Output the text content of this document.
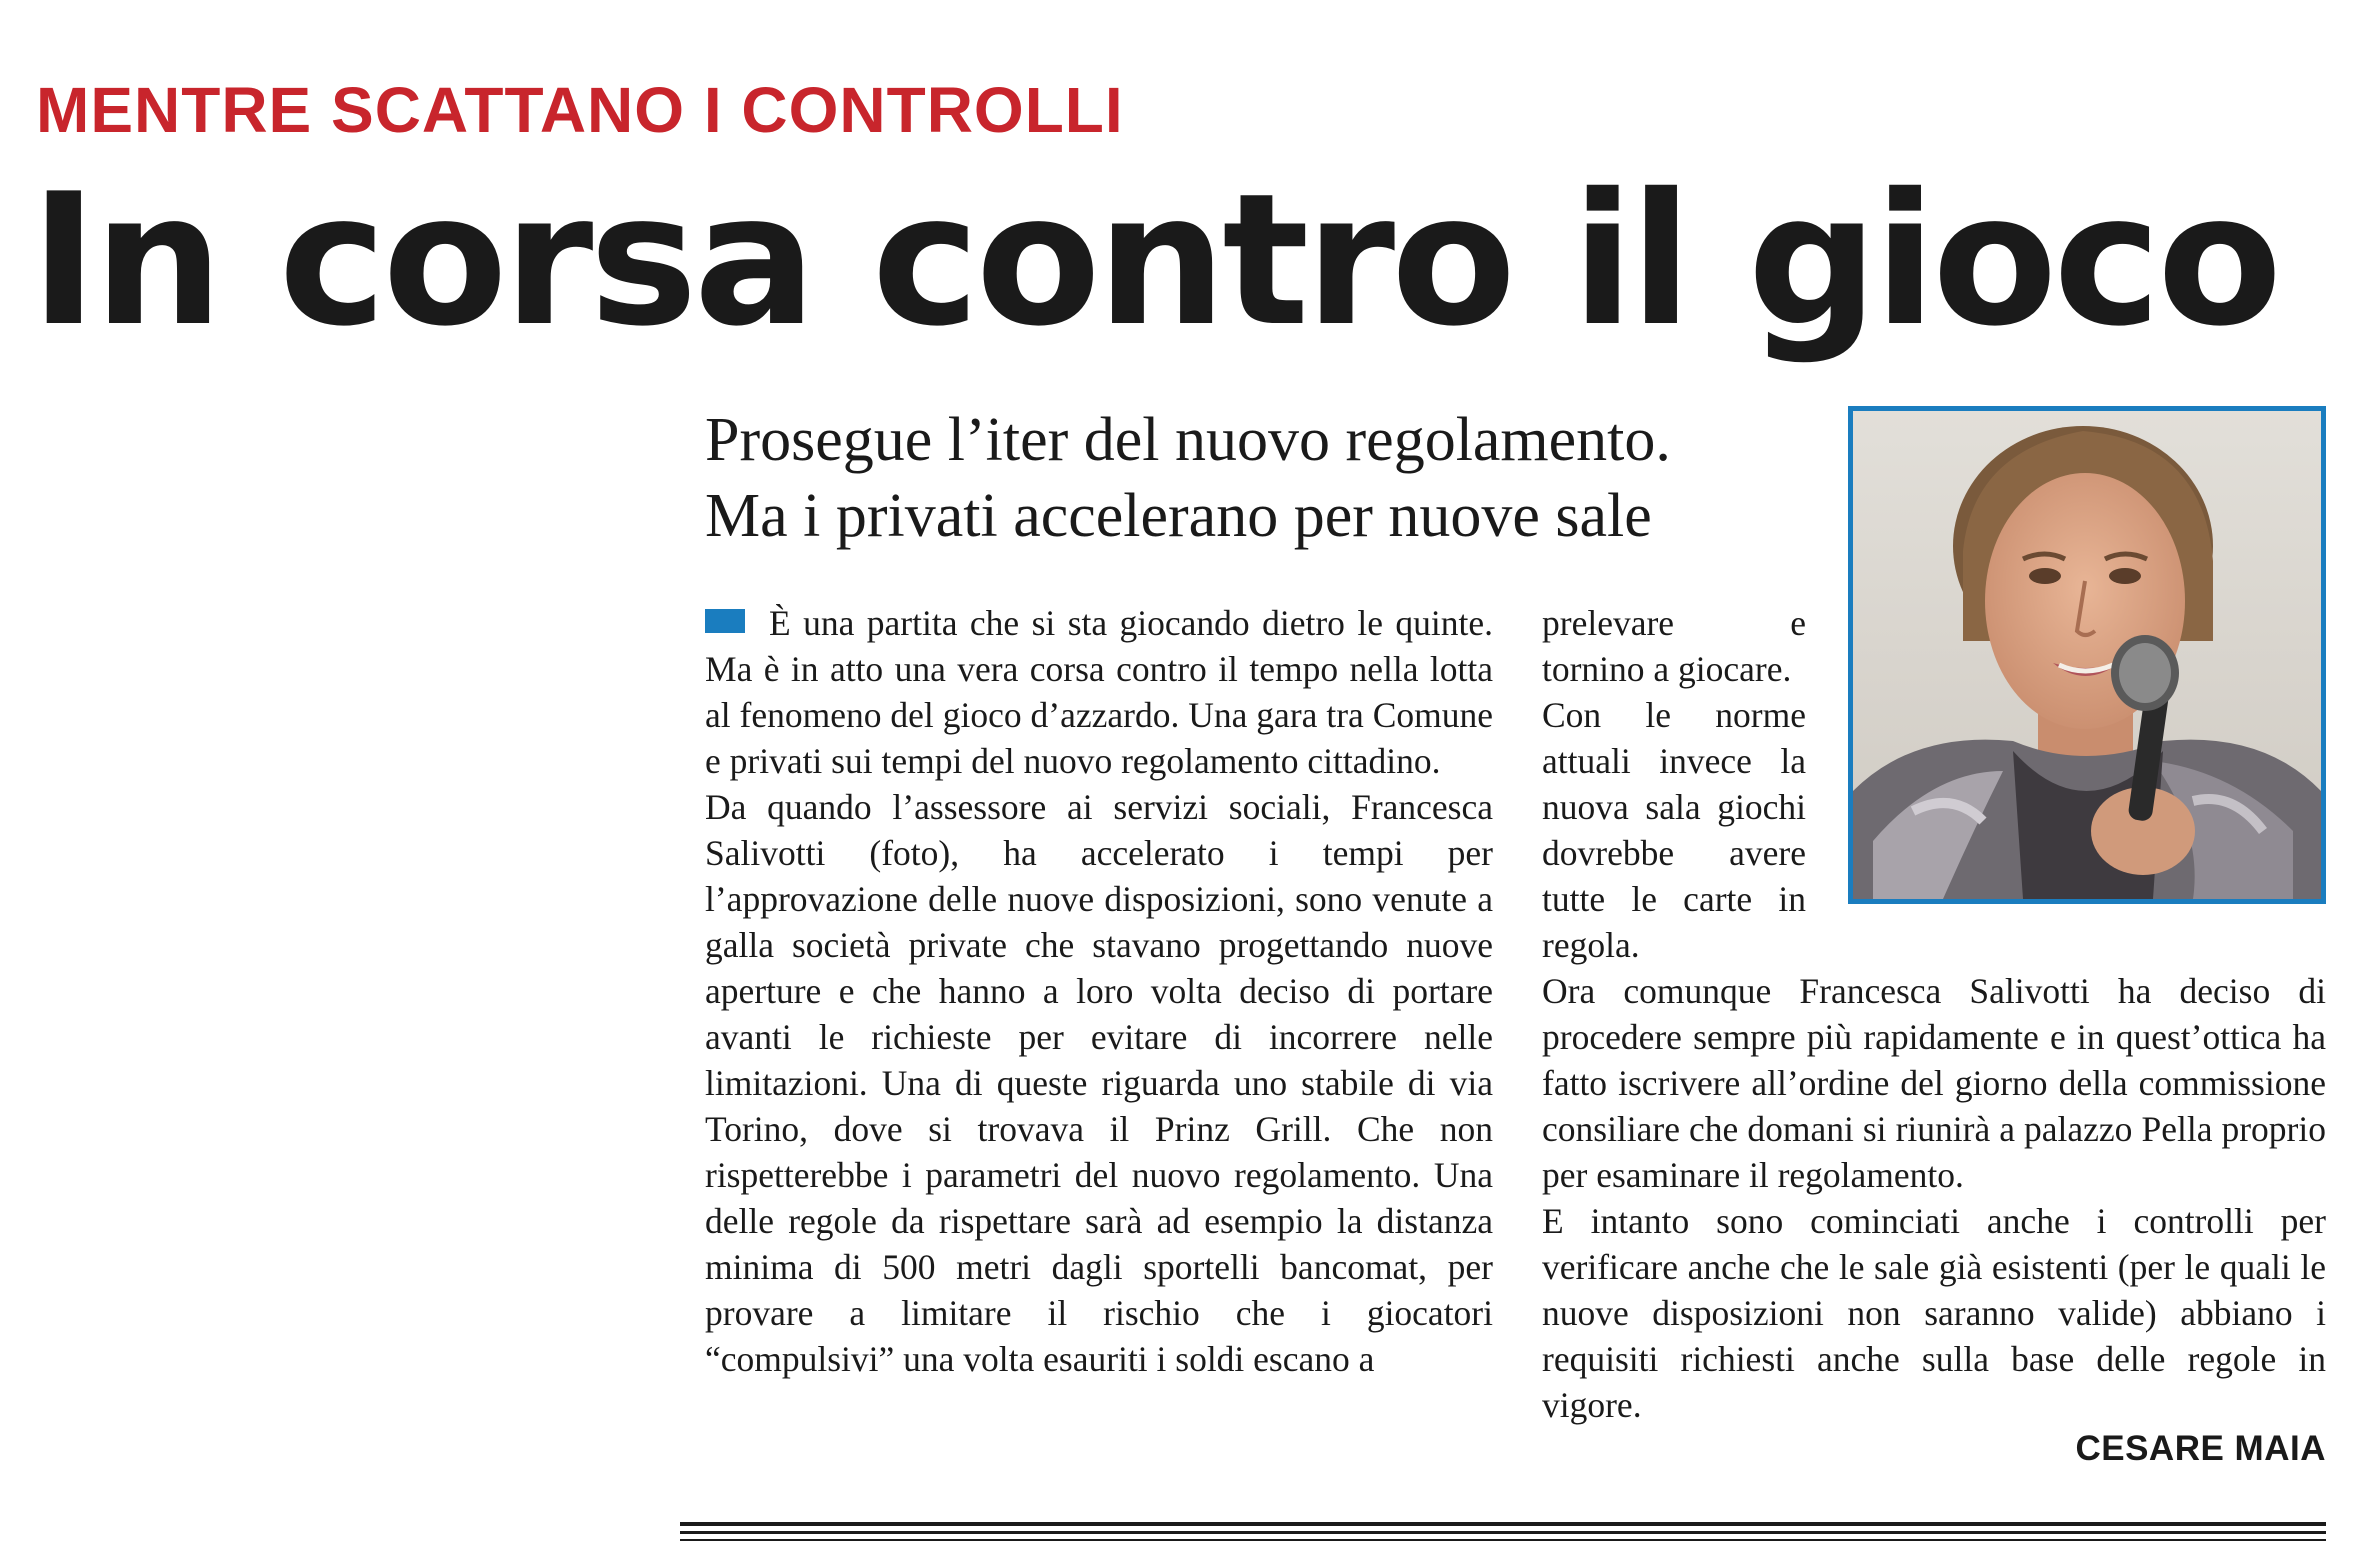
MENTRE SCATTANO I CONTROLLI
In corsa contro il gioco
Prosegue l’iter del nuovo regolamento.
Ma i privati accelerano per nuove sale

È una partita che si sta giocando dietro le quinte. Ma è in atto una vera corsa contro il tempo nella lotta al fenomeno del gioco d’azzardo. Una gara tra Comune e privati sui tempi del nuovo regolamento cittadino.

Da quando l’assessore ai servizi sociali, Francesca Salivotti (foto), ha accelerato i tempi per l’approvazione delle nuove disposizioni, sono venute a galla società private che stavano progettando nuove aperture e che hanno a loro volta deciso di portare avanti le richieste per evitare di incorrere nelle limitazioni. Una di queste riguarda uno stabile di via Torino, dove si trovava il Prinz Grill. Che non rispetterebbe i parametri del nuovo regolamento. Una delle regole da rispettare sarà ad esempio la distanza minima di 500 metri dagli sportelli bancomat, per provare a limitare il rischio che i giocatori “compulsivi” una volta esauriti i soldi escano a

prelevare e tornino a giocare.

Con le norme attuali invece la nuova sala giochi dovrebbe avere tutte le carte in regola.

Ora comunque Francesca Salivotti ha deciso di procedere sempre più rapidamente e in quest’ottica ha fatto iscrivere all’ordine del giorno della commissione consiliare che domani si riunirà a palazzo Pella proprio per esaminare il regolamento.

E intanto sono cominciati anche i controlli per verificare anche che le sale già esistenti (per le quali le nuove disposizioni non saranno valide) abbiano i requisiti richiesti anche sulla base delle regole in vigore.

CESARE MAIA
